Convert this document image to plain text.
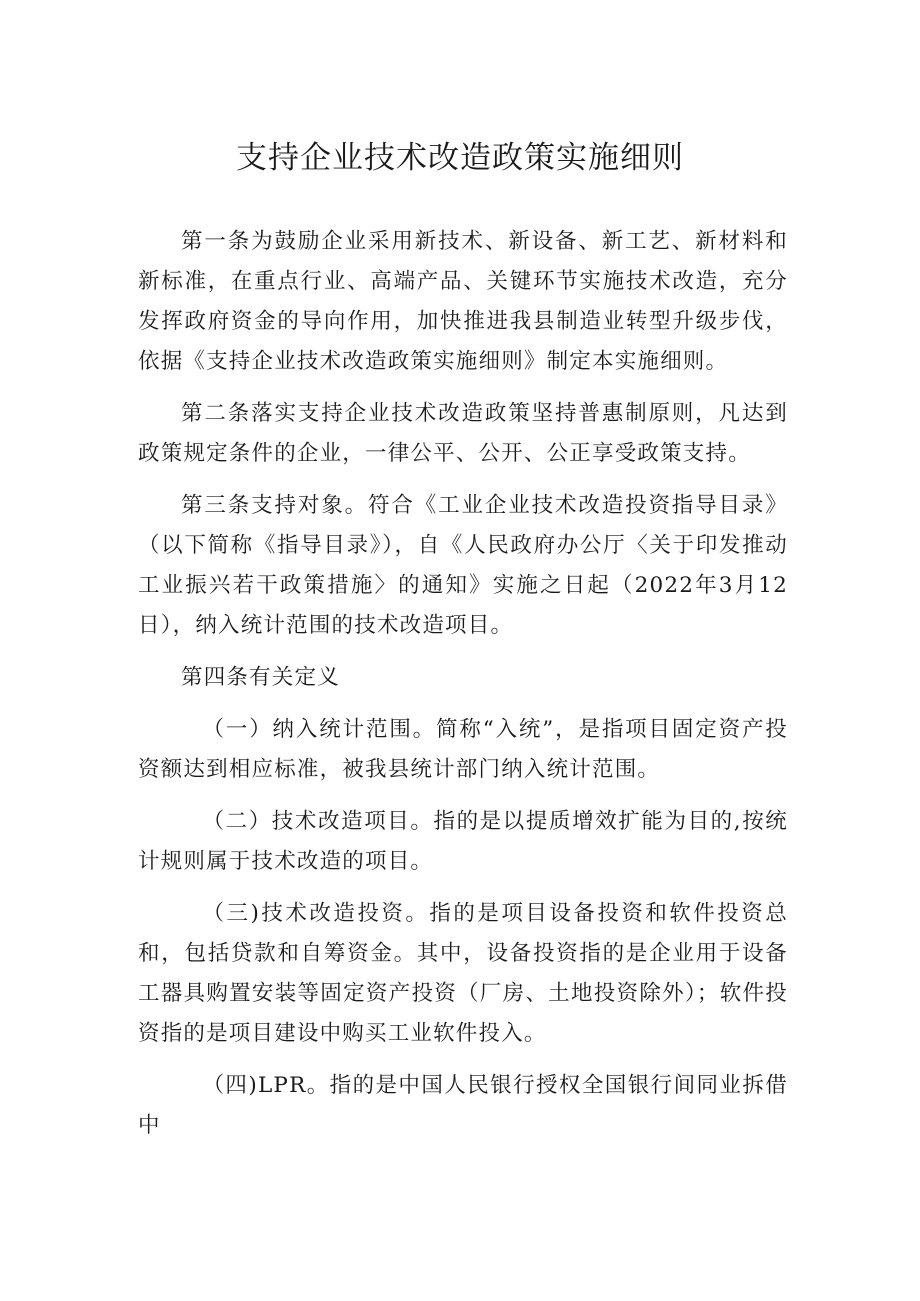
支持企业技术改造政策实施细则

第一条为鼓励企业采用新技术、新设备、新工艺、新材料和新标准，在重点行业、高端产品、关键环节实施技术改造，充分发挥政府资金的导向作用，加快推进我县制造业转型升级步伐，依据《支持企业技术改造政策实施细则》制定本实施细则。

第二条落实支持企业技术改造政策坚持普惠制原则，凡达到政策规定条件的企业，一律公平、公开、公正享受政策支持。

第三条支持对象。符合《工业企业技术改造投资指导目录》（以下简称《指导目录》），自《人民政府办公厅〈关于印发推动工业振兴若干政策措施〉的通知》实施之日起（2022年3月12日），纳入统计范围的技术改造项目。

第四条有关定义

（一）纳入统计范围。简称“入统”，是指项目固定资产投资额达到相应标准，被我县统计部门纳入统计范围。

（二）技术改造项目。指的是以提质增效扩能为目的,按统计规则属于技术改造的项目。

（三)技术改造投资。指的是项目设备投资和软件投资总和，包括贷款和自筹资金。其中，设备投资指的是企业用于设备工器具购置安装等固定资产投资（厂房、土地投资除外）；软件投资指的是项目建设中购买工业软件投入。

（四)LPR。指的是中国人民银行授权全国银行间同业拆借中
